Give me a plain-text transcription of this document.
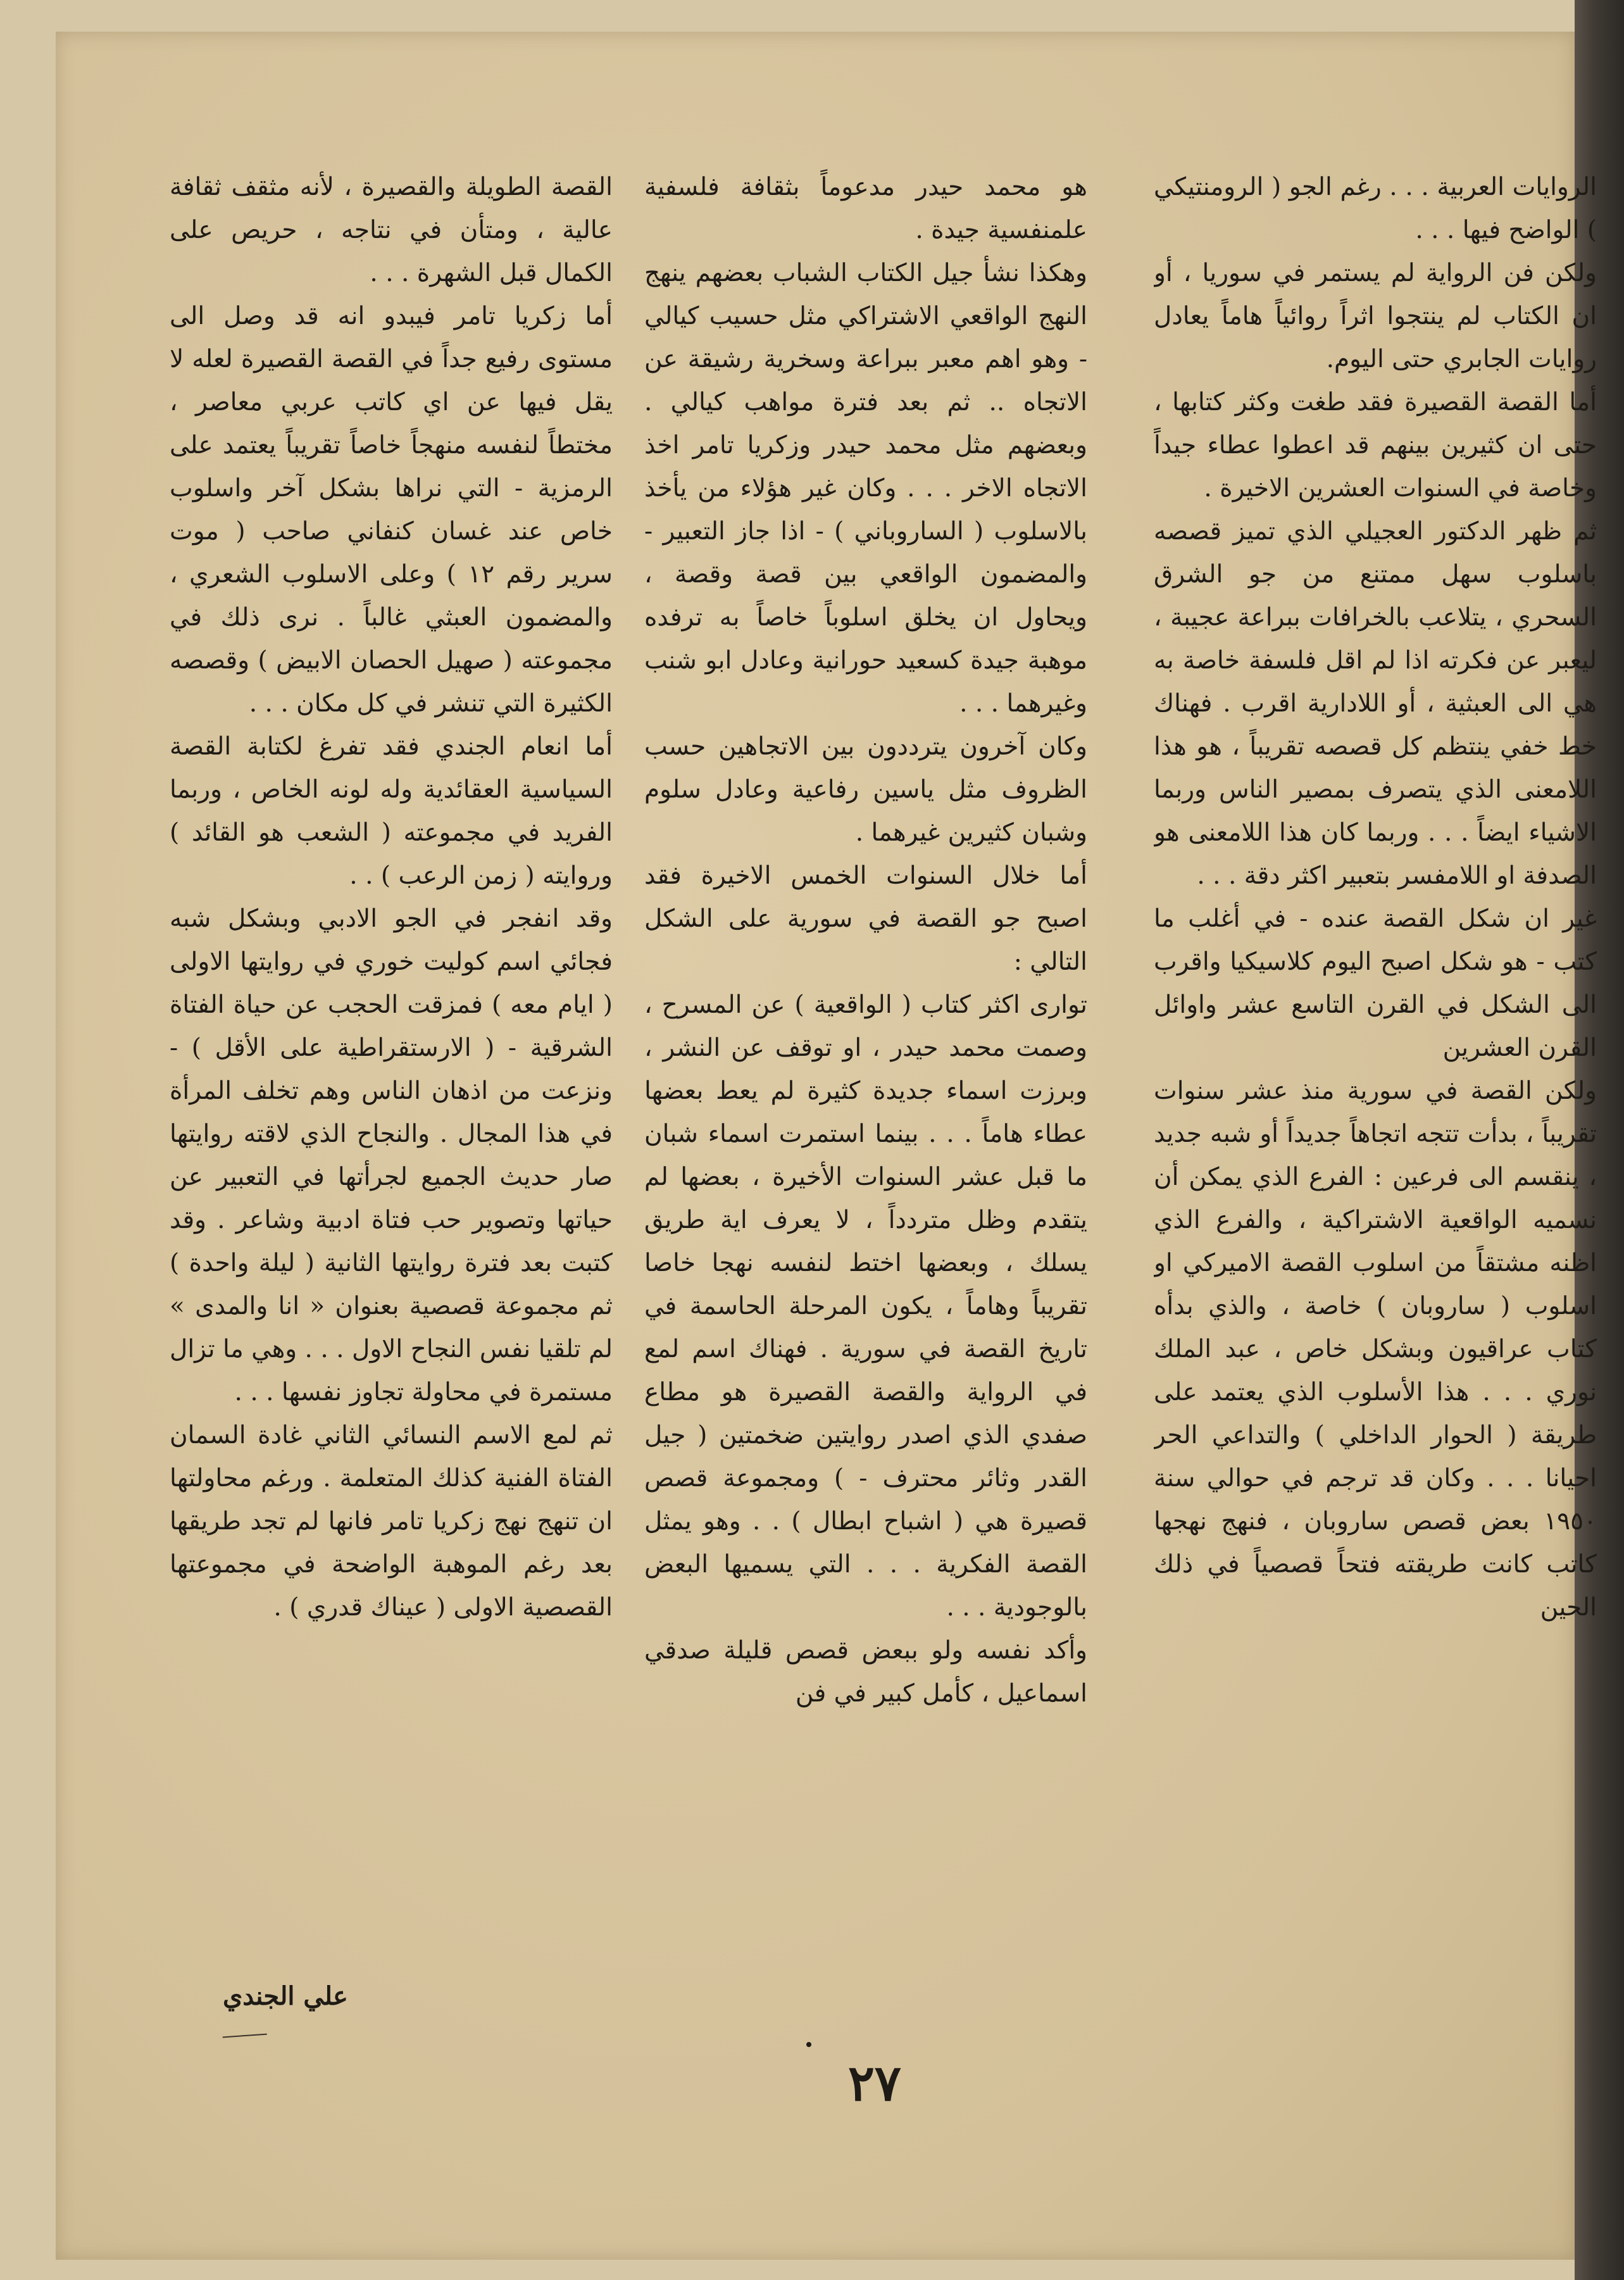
الروايات العربية . . . رغم الجو ( الرومنتيكي ) الواضح فيها . . .

ولكن فن الرواية لم يستمر في سوريا ، أو ان الكتاب لم ينتجوا اثراً روائياً هاماً يعادل روايات الجابري حتى اليوم.

أما القصة القصيرة فقد طغت وكثر كتابها ، حتى ان كثيرين بينهم قد اعطوا عطاء جيداً وخاصة في السنوات العشرين الاخيرة .

ثم ظهر الدكتور العجيلي الذي تميز قصصه باسلوب سهل ممتنع من جو الشرق السحري ، يتلاعب بالخرافات ببراعة عجيبة ، ليعبر عن فكرته اذا لم اقل فلسفة خاصة به هي الى العبثية ، أو اللادارية اقرب . فهناك خط خفي ينتظم كل قصصه تقريباً ، هو هذا اللامعنى الذي يتصرف بمصير الناس وربما الاشياء ايضاً . . . وربما كان هذا اللامعنى هو الصدفة او اللامفسر بتعبير اكثر دقة . . .

غير ان شكل القصة عنده - في أغلب ما كتب - هو شكل اصبح اليوم كلاسيكيا واقرب الى الشكل في القرن التاسع عشر واوائل القرن العشرين

ولكن القصة في سورية منذ عشر سنوات تقريباً ، بدأت تتجه اتجاهاً جديداً أو شبه جديد ، ينقسم الى فرعين : الفرع الذي يمكن أن نسميه الواقعية الاشتراكية ، والفرع الذي اظنه مشتقاً من اسلوب القصة الاميركي او اسلوب ( ساروبان ) خاصة ، والذي بدأه كتاب عراقيون وبشكل خاص ، عبد الملك نوري . . . هذا الأسلوب الذي يعتمد على طريقة ( الحوار الداخلي ) والتداعي الحر احيانا . . . وكان قد ترجم في حوالي سنة ١٩٥٠ بعض قصص ساروبان ، فنهج نهجها كاتب كانت طريقته فتحاً قصصياً في ذلك الحين

هو محمد حيدر مدعوماً بثقافة فلسفية علمنفسية جيدة .

وهكذا نشأ جيل الكتاب الشباب بعضهم ينهج النهج الواقعي الاشتراكي مثل حسيب كيالي - وهو اهم معبر ببراعة وسخرية رشيقة عن الاتجاه .. ثم بعد فترة مواهب كيالي . وبعضهم مثل محمد حيدر وزكريا تامر اخذ الاتجاه الاخر . . . وكان غير هؤلاء من يأخذ بالاسلوب ( الساروباني ) - اذا جاز التعبير - والمضمون الواقعي بين قصة وقصة ، ويحاول ان يخلق اسلوباً خاصاً به ترفده موهبة جيدة كسعيد حورانية وعادل ابو شنب وغيرهما . . .

وكان آخرون يترددون بين الاتجاهين حسب الظروف مثل ياسين رفاعية وعادل سلوم وشبان كثيرين غيرهما .

أما خلال السنوات الخمس الاخيرة فقد اصبح جو القصة في سورية على الشكل التالي :

توارى اكثر كتاب ( الواقعية ) عن المسرح ، وصمت محمد حيدر ، او توقف عن النشر ، وبرزت اسماء جديدة كثيرة لم يعط بعضها عطاء هاماً . . . بينما استمرت اسماء شبان ما قبل عشر السنوات الأخيرة ، بعضها لم يتقدم وظل متردداً ، لا يعرف اية طريق يسلك ، وبعضها اختط لنفسه نهجا خاصا تقريباً وهاماً ، يكون المرحلة الحاسمة في تاريخ القصة في سورية . فهناك اسم لمع في الرواية والقصة القصيرة هو مطاع صفدي الذي اصدر روايتين ضخمتين ( جيل القدر وثائر محترف - ) ومجموعة قصص قصيرة هي ( اشباح ابطال ) . . وهو يمثل القصة الفكرية . . . التي يسميها البعض بالوجودية . . .

وأكد نفسه ولو ببعض قصص قليلة صدقي اسماعيل ، كأمل كبير في فن

القصة الطويلة والقصيرة ، لأنه مثقف ثقافة عالية ، ومتأن في نتاجه ، حريص على الكمال قبل الشهرة . . .

أما زكريا تامر فيبدو انه قد وصل الى مستوى رفيع جداً في القصة القصيرة لعله لا يقل فيها عن اي كاتب عربي معاصر ، مختطاً لنفسه منهجاً خاصاً تقريباً يعتمد على الرمزية - التي نراها بشكل آخر واسلوب خاص عند غسان كنفاني صاحب ( موت سرير رقم ١٢ ) وعلى الاسلوب الشعري ، والمضمون العبثي غالباً . نرى ذلك في مجموعته ( صهيل الحصان الابيض ) وقصصه الكثيرة التي تنشر في كل مكان . . .

أما انعام الجندي فقد تفرغ لكتابة القصة السياسية العقائدية وله لونه الخاص ، وربما الفريد في مجموعته ( الشعب هو القائد ) وروايته ( زمن الرعب ) . .

وقد انفجر في الجو الادبي وبشكل شبه فجائي اسم كوليت خوري في روايتها الاولى ( ايام معه ) فمزقت الحجب عن حياة الفتاة الشرقية - ( الارستقراطية على الأقل ) - ونزعت من اذهان الناس وهم تخلف المرأة في هذا المجال . والنجاح الذي لاقته روايتها صار حديث الجميع لجرأتها في التعبير عن حياتها وتصوير حب فتاة ادبية وشاعر . وقد كتبت بعد فترة روايتها الثانية ( ليلة واحدة ) ثم مجموعة قصصية بعنوان « انا والمدى » لم تلقيا نفس النجاح الاول . . . وهي ما تزال مستمرة في محاولة تجاوز نفسها . . .

ثم لمع الاسم النسائي الثاني غادة السمان الفتاة الفنية كذلك المتعلمة . ورغم محاولتها ان تنهج نهج زكريا تامر فانها لم تجد طريقها بعد رغم الموهبة الواضحة في مجموعتها القصصية الاولى ( عيناك قدري ) .

علي الجندي
٢٧
